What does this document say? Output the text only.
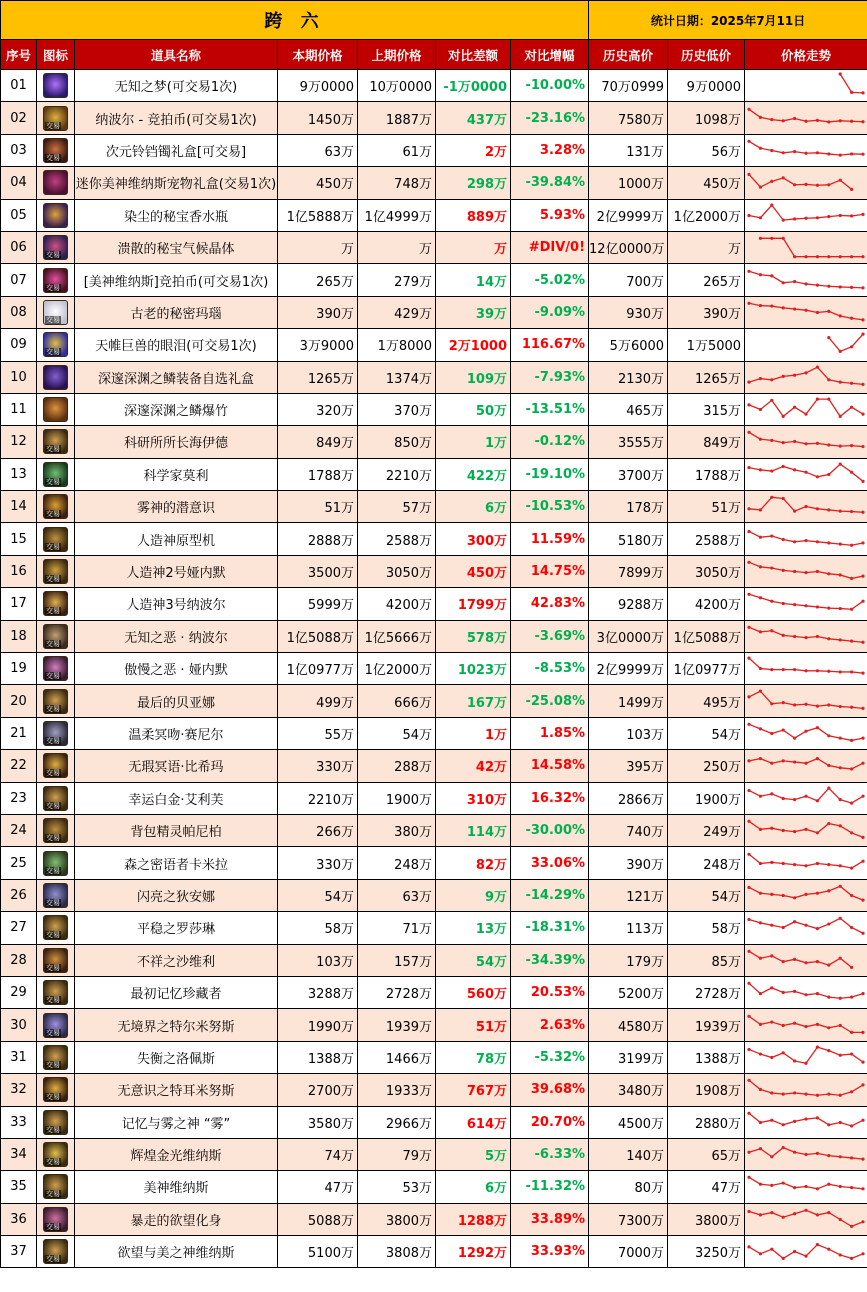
跨 六							统计日期：2025年7月11日		
序号	图标	道具名称	本期价格	上期价格	对比差额	对比增幅	历史高价	历史低价	价格走势
01		无知之梦(可交易1次)	9万0000	10万0000	-1万0000	-10.00%	70万0999	9万0000	

02	交易	纳波尔 - 竞拍币(可交易1次)	1450万	1887万	437万	-23.16%	7580万	1098万	

03	交易	次元铃铛镯礼盒[可交易]	63万	61万	2万	3.28%	131万	56万	

04		迷你美神维纳斯宠物礼盒(交易1次)	450万	748万	298万	-39.84%	1000万	450万	

05		染尘的秘宝香水瓶	1亿5888万	1亿4999万	889万	5.93%	2亿9999万	1亿2000万	

06	交易	溃散的秘宝气候晶体	万	万	万	#DIV/0!	12亿0000万	万	

07	交易	[美神维纳斯]竞拍币(可交易1次)	265万	279万	14万	-5.02%	700万	265万	

08	交易	古老的秘密玛瑙	390万	429万	39万	-9.09%	930万	390万	

09	交易	天帷巨兽的眼泪(可交易1次)	3万9000	1万8000	2万1000	116.67%	5万6000	1万5000	

10		深邃深渊之鳞装备自选礼盒	1265万	1374万	109万	-7.93%	2130万	1265万	

11		深邃深渊之鳞爆竹	320万	370万	50万	-13.51%	465万	315万	

12	交易	科研所所长海伊德	849万	850万	1万	-0.12%	3555万	849万	

13	交易	科学家莫利	1788万	2210万	422万	-19.10%	3700万	1788万	

14	交易	雾神的潜意识	51万	57万	6万	-10.53%	178万	51万	

15	交易	人造神原型机	2888万	2588万	300万	11.59%	5180万	2588万	

16	交易	人造神2号娅内默	3500万	3050万	450万	14.75%	7899万	3050万	

17	交易	人造神3号纳波尔	5999万	4200万	1799万	42.83%	9288万	4200万	

18	交易	无知之恶 · 纳波尔	1亿5088万	1亿5666万	578万	-3.69%	3亿0000万	1亿5088万	

19	交易	傲慢之恶 · 娅内默	1亿0977万	1亿2000万	1023万	-8.53%	2亿9999万	1亿0977万	

20	交易	最后的贝亚娜	499万	666万	167万	-25.08%	1499万	495万	

21	交易	温柔冥吻·赛尼尔	55万	54万	1万	1.85%	103万	54万	

22	交易	无瑕冥语·比希玛	330万	288万	42万	14.58%	395万	250万	

23	交易	幸运白金·艾利芙	2210万	1900万	310万	16.32%	2866万	1900万	

24	交易	背包精灵帕尼柏	266万	380万	114万	-30.00%	740万	249万	

25	交易	森之密语者卡米拉	330万	248万	82万	33.06%	390万	248万	

26	交易	闪亮之狄安娜	54万	63万	9万	-14.29%	121万	54万	

27	交易	平稳之罗莎琳	58万	71万	13万	-18.31%	113万	58万	

28	交易	不祥之沙维利	103万	157万	54万	-34.39%	179万	85万	

29	交易	最初记忆珍藏者	3288万	2728万	560万	20.53%	5200万	2728万	

30	交易	无境界之特尔米努斯	1990万	1939万	51万	2.63%	4580万	1939万	

31	交易	失衡之洛佩斯	1388万	1466万	78万	-5.32%	3199万	1388万	

32	交易	无意识之特耳米努斯	2700万	1933万	767万	39.68%	3480万	1908万	

33	交易	记忆与雾之神 “雾”	3580万	2966万	614万	20.70%	4500万	2880万	

34	交易	辉煌金光维纳斯	74万	79万	5万	-6.33%	140万	65万	

35	交易	美神维纳斯	47万	53万	6万	-11.32%	80万	47万	

36	交易	暴走的欲望化身	5088万	3800万	1288万	33.89%	7300万	3800万	

37	交易	欲望与美之神维纳斯	5100万	3808万	1292万	33.93%	7000万	3250万	
